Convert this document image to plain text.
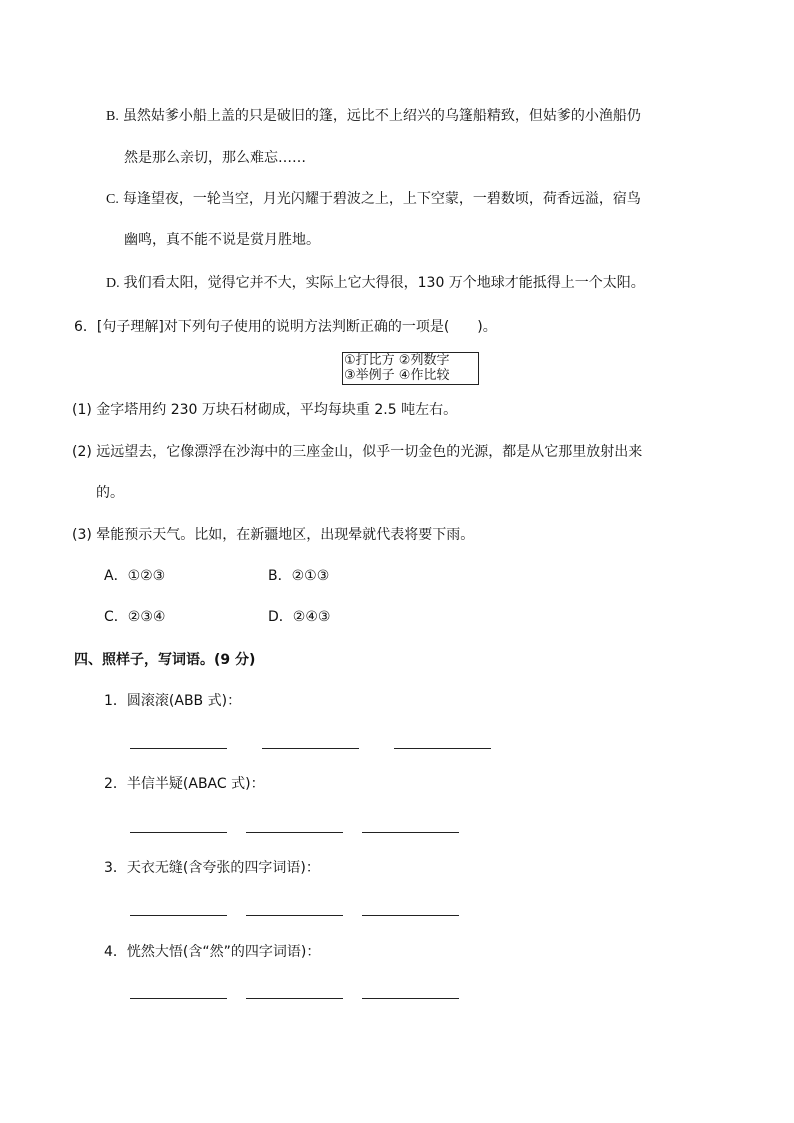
B. 虽然姑爹小船上盖的只是破旧的篷，远比不上绍兴的乌篷船精致，但姑爹的小渔船仍
然是那么亲切，那么难忘……
C. 每逢望夜，一轮当空，月光闪耀于碧波之上，上下空蒙，一碧数顷，荷香远溢，宿鸟
幽鸣，真不能不说是赏月胜地。
D. 我们看太阳，觉得它并不大，实际上它大得很，130 万个地球才能抵得上一个太阳。
6．[句子理解]对下列句子使用的说明方法判断正确的一项是(　　)。
①打比方 ②列数字
③举例子 ④作比较
(1) 金字塔用约 230 万块石材砌成，平均每块重 2.5 吨左右。
(2) 远远望去，它像漂浮在沙海中的三座金山，似乎一切金色的光源，都是从它那里放射出来
的。
(3) 晕能预示天气。比如，在新疆地区，出现晕就代表将要下雨。
A．①②③	B．②①③
C．②③④	D．②④③
四、照样子，写词语。(9 分)
1．圆滚滚(ABB 式)：
2．半信半疑(ABAC 式)：
3．天衣无缝(含夸张的四字词语)：
4．恍然大悟(含“然”的四字词语)：
